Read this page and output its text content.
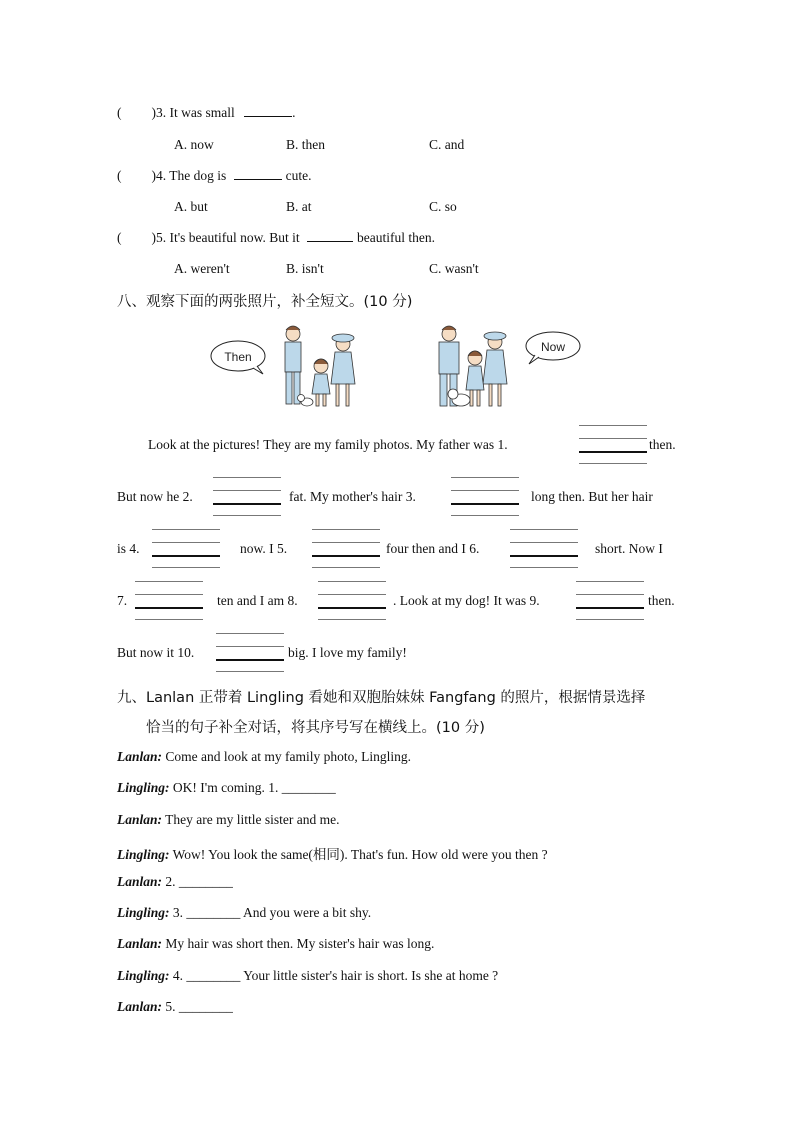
( )3. It was small	.
A. now	B. then	C. and
( )4. The dog is	cute.
A. but	B. at	C. so
( )5. It's beautiful now. But it	beautiful then.
A. weren't	B. isn't	C. wasn't
八、观察下面的两张照片，补全短文。(10 分)
Then
Now
Look at the pictures! They are my family photos. My father was 1.	then.
But now he 2.	fat. My mother's hair 3.	long then. But her hair
is 4.	now. I 5.	four then and I 6.	short. Now I
7.	ten and I am 8.	. Look at my dog! It was 9.	then.
But now it 10.	big. I love my family!
九、Lanlan 正带着 Lingling 看她和双胞胎妹妹 Fangfang 的照片，根据情景选择
恰当的句子补全对话，将其序号写在横线上。(10 分)
Lanlan: Come and look at my family photo, Lingling.
Lingling: OK! I'm coming. 1. ________
Lanlan: They are my little sister and me.
Lingling: Wow! You look the same(相同). That's fun. How old were you then ?
Lanlan: 2. ________
Lingling: 3. ________ And you were a bit shy.
Lanlan: My hair was short then. My sister's hair was long.
Lingling: 4. ________ Your little sister's hair is short. Is she at home ?
Lanlan: 5. ________
